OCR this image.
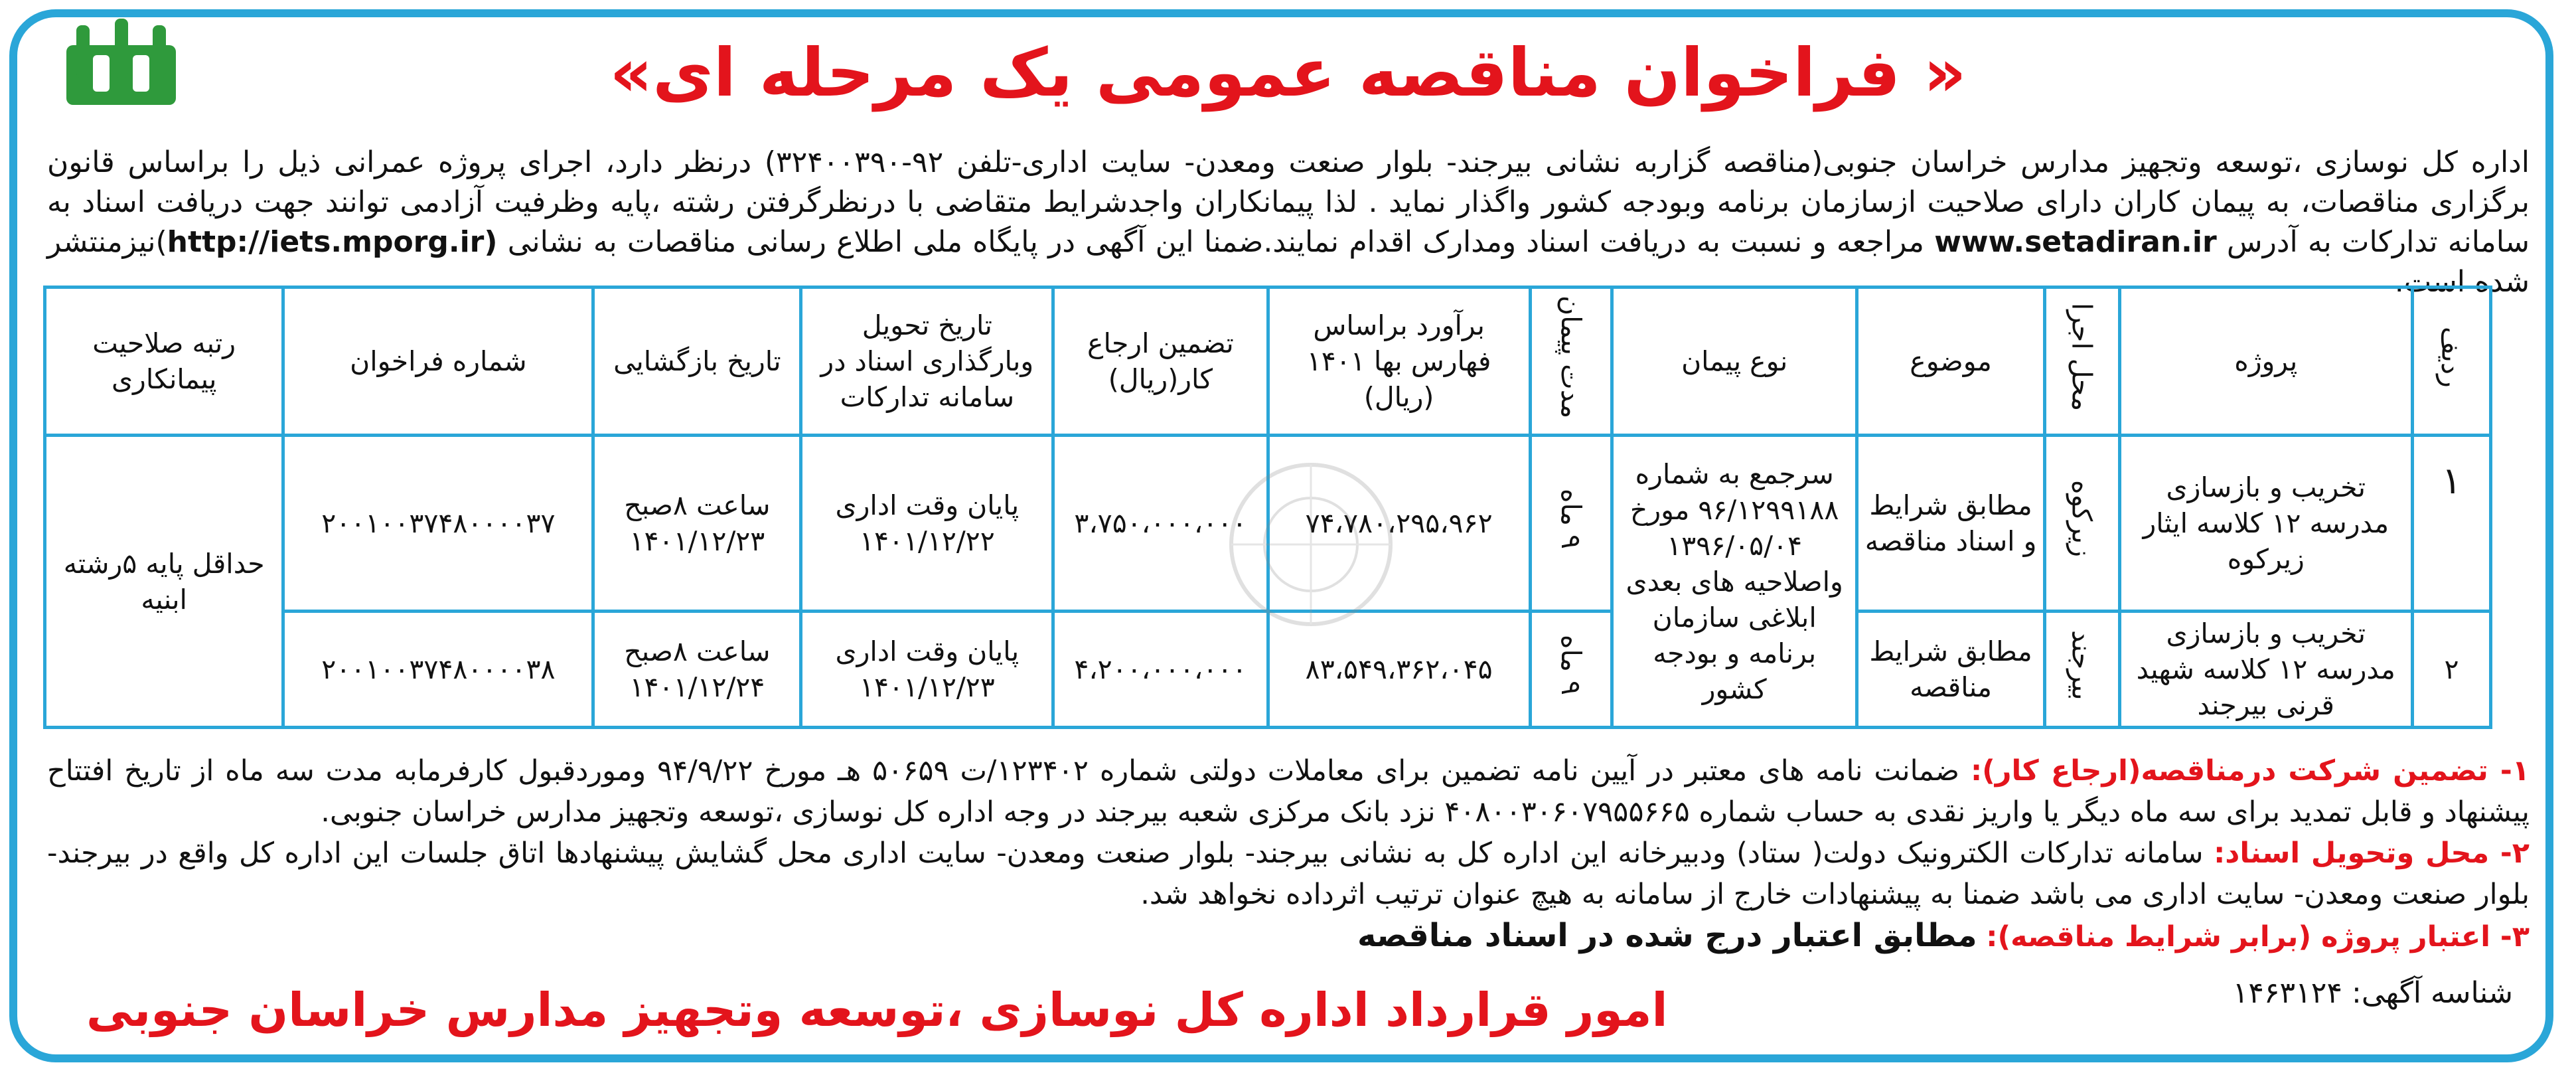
« فراخوان مناقصه عمومی یک مرحله ای»
اداره کل نوسازی ،توسعه وتجهیز مدارس خراسان جنوبی(مناقصه گزاربه نشانی بیرجند- بلوار صنعت ومعدن- سایت اداری-تلفن ۹۲-۳۲۴۰۰۳۹۰) درنظر دارد، اجرای پروژه عمرانی ذیل را براساس قانون برگزاری مناقصات، به پیمان کاران دارای صلاحیت ازسازمان برنامه وبودجه کشور واگذار نماید . لذا پیمانکاران واجدشرایط متقاضی با درنظرگرفتن رشته ،پایه وظرفیت آزادمی توانند جهت دریافت اسناد به سامانه تدارکات به آدرس www.setadiran.ir مراجعه و نسبت به دریافت اسناد ومدارک اقدام نمایند.ضمنا این آگهی در پایگاه ملی اطلاع رسانی مناقصات به نشانی (http://iets.mporg.ir)نیزمنتشر شده است.
ردیف	پروژه	محل اجرا	موضوع	نوع پیمان	مدت پیمان	برآورد براساس فهارس بها ۱۴۰۱ (ریال)	تضمین ارجاع کار(ریال)	تاریخ تحویل وبارگذاری اسناد در سامانه تدارکات	تاریخ بازگشایی	شماره فراخوان	رتبه صلاحیت پیمانکاری
۱	تخریب و بازسازی مدرسه ۱۲ کلاسه ایثار زیرکوه	زیرکوه	مطابق شرایط و اسناد مناقصه	سرجمع به شماره ۹۶/۱۲۹۹۱۸۸ مورخ ۱۳۹۶/۰۵/۰۴ واصلاحیه های بعدی ابلاغی سازمان برنامه و بودجه کشور	۹ ماه	۷۴،۷۸۰،۲۹۵،۹۶۲	۳،۷۵۰،۰۰۰،۰۰۰	پایان وقت اداری ۱۴۰۱/۱۲/۲۲	ساعت ۸صبح ۱۴۰۱/۱۲/۲۳	۲۰۰۱۰۰۳۷۴۸۰۰۰۰۳۷	حداقل پایه ۵رشته ابنیه
۲	تخریب و بازسازی مدرسه ۱۲ کلاسه شهید قرنی بیرجند	بیرجند	مطابق شرایط مناقصه		۹ ماه	۸۳،۵۴۹،۳۶۲،۰۴۵	۴،۲۰۰،۰۰۰،۰۰۰	پایان وقت اداری ۱۴۰۱/۱۲/۲۳	ساعت ۸صبح ۱۴۰۱/۱۲/۲۴	۲۰۰۱۰۰۳۷۴۸۰۰۰۰۳۸	
۱- تضمین شرکت درمناقصه(ارجاع کار): ضمانت نامه های معتبر در آیین نامه تضمین برای معاملات دولتی شماره ۱۲۳۴۰۲/ت ۵۰۶۵۹ هـ مورخ ۹۴/۹/۲۲ وموردقبول کارفرمابه مدت سه ماه از تاریخ افتتاح پیشنهاد و قابل تمدید برای سه ماه دیگر یا واریز نقدی به حساب شماره ۴۰۸۰۰۳۰۶۰۷۹۵۵۶۶۵ نزد بانک مرکزی شعبه بیرجند در وجه اداره کل نوسازی ،توسعه وتجهیز مدارس خراسان جنوبی.
۲- محل وتحویل اسناد: سامانه تدارکات الکترونیک دولت( ستاد) ودبیرخانه این اداره کل به نشانی بیرجند- بلوار صنعت ومعدن- سایت اداری محل گشایش پیشنهادها اتاق جلسات این اداره کل واقع در بیرجند- بلوار صنعت ومعدن- سایت اداری می باشد ضمنا به پیشنهادات خارج از سامانه به هیچ عنوان ترتیب اثرداده نخواهد شد.
۳- اعتبار پروژه (برابر شرایط مناقصه): مطابق اعتبار درج شده در اسناد مناقصه
شناسه آگهی: ۱۴۶۳۱۲۴
امور قرارداد اداره کل نوسازی ،توسعه وتجهیز مدارس خراسان جنوبی
